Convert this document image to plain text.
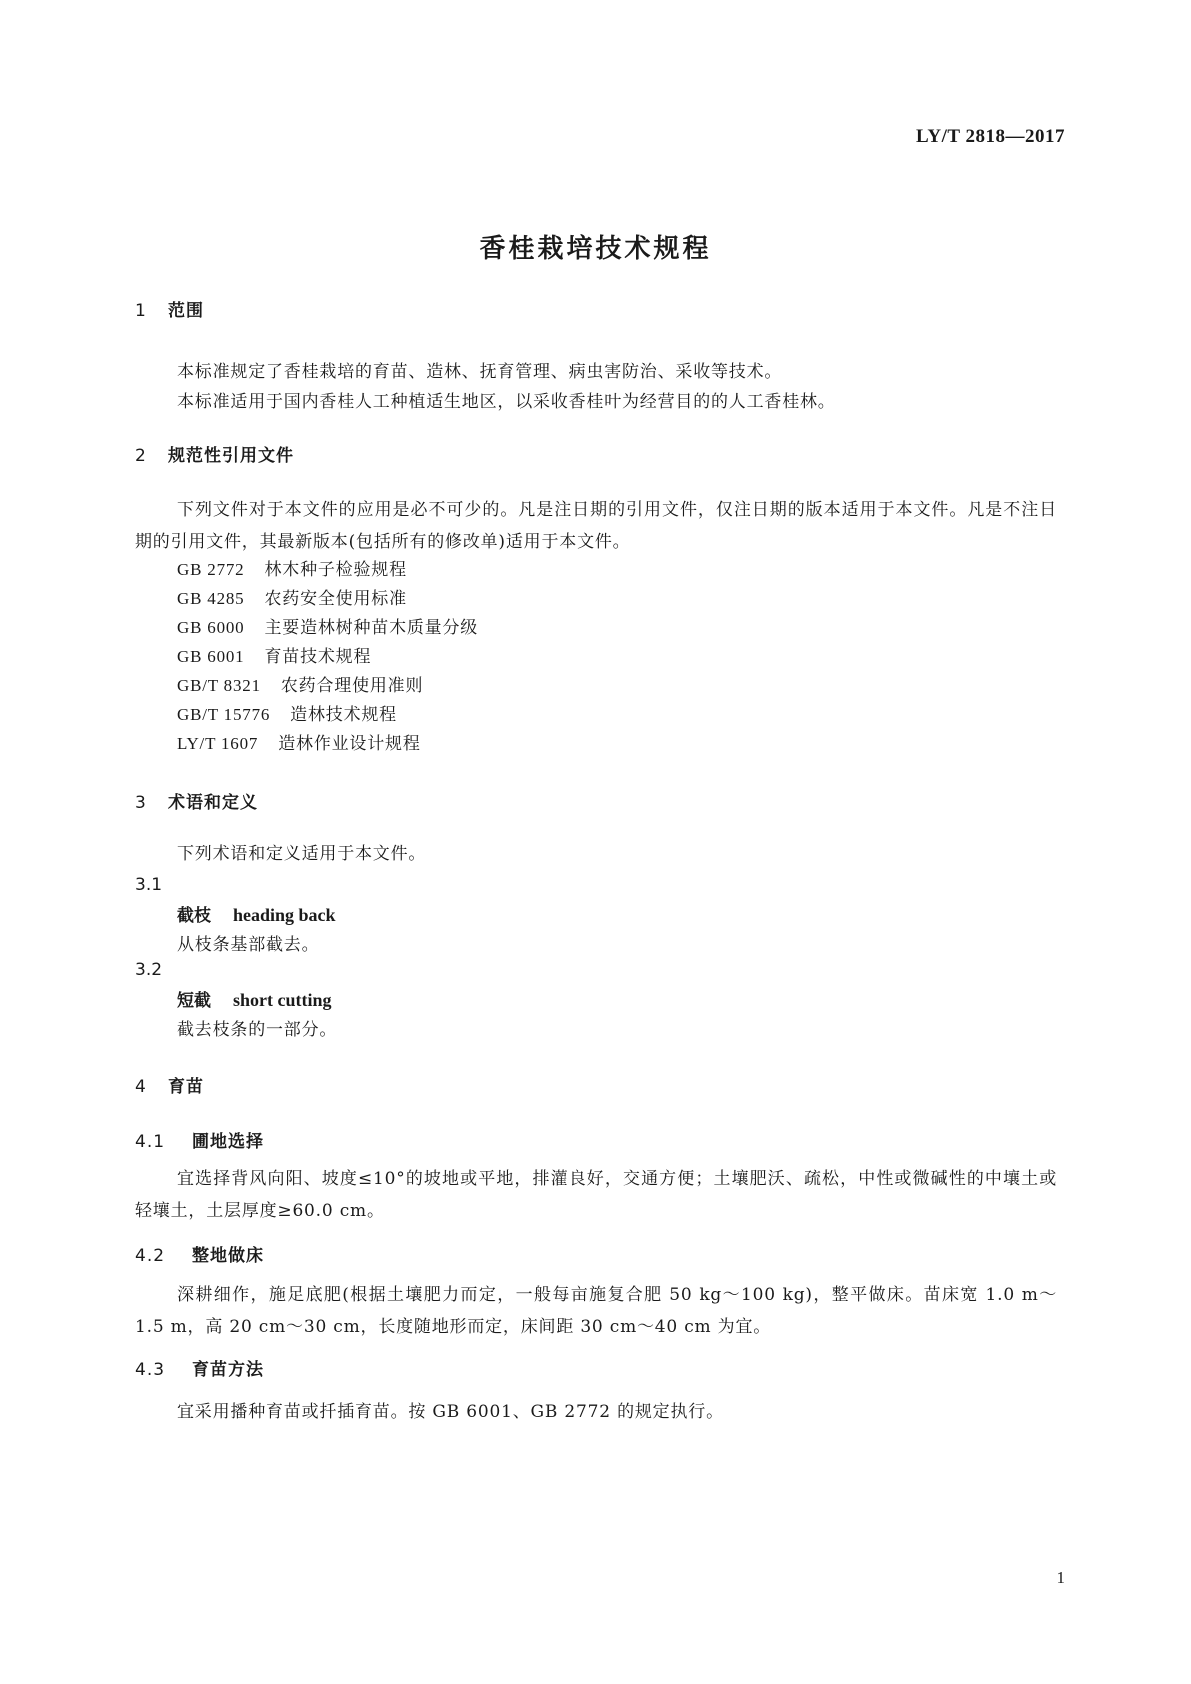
LY/T 2818—2017
香桂栽培技术规程
1 范围
本标准规定了香桂栽培的育苗、造林、抚育管理、病虫害防治、采收等技术。
本标准适用于国内香桂人工种植适生地区，以采收香桂叶为经营目的的人工香桂林。
2 规范性引用文件
下列文件对于本文件的应用是必不可少的。凡是注日期的引用文件，仅注日期的版本适用于本文件。凡是不注日期的引用文件，其最新版本(包括所有的修改单)适用于本文件。
GB 2772 林木种子检验规程
GB 4285 农药安全使用标准
GB 6000 主要造林树种苗木质量分级
GB 6001 育苗技术规程
GB/T 8321 农药合理使用准则
GB/T 15776 造林技术规程
LY/T 1607 造林作业设计规程
3 术语和定义
下列术语和定义适用于本文件。
3.1
截枝 heading back
从枝条基部截去。
3.2
短截 short cutting
截去枝条的一部分。
4 育苗
4.1 圃地选择
宜选择背风向阳、坡度≤10°的坡地或平地，排灌良好，交通方便；土壤肥沃、疏松，中性或微碱性的中壤土或轻壤土，土层厚度≥60.0 cm。
4.2 整地做床
深耕细作，施足底肥(根据土壤肥力而定，一般每亩施复合肥 50 kg～100 kg)，整平做床。苗床宽 1.0 m～1.5 m，高 20 cm～30 cm，长度随地形而定，床间距 30 cm～40 cm 为宜。
4.3 育苗方法
宜采用播种育苗或扦插育苗。按 GB 6001、GB 2772 的规定执行。
1
